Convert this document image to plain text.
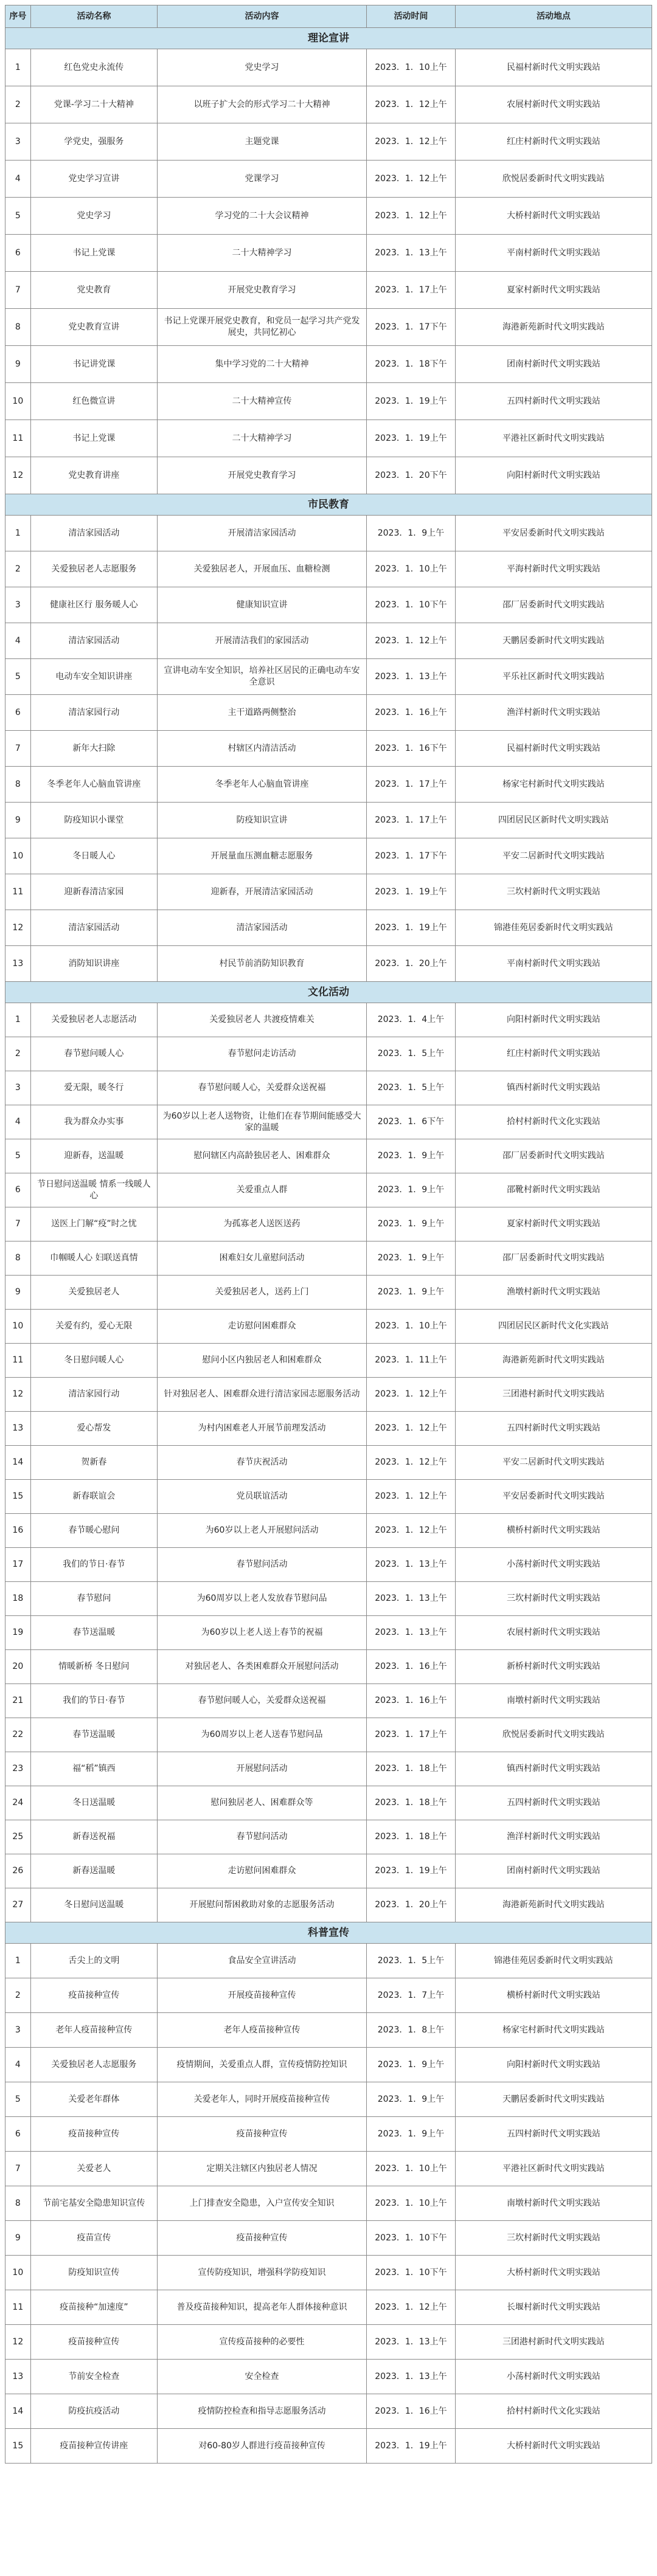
序号	活动名称	活动内容	活动时间	活动地点
理论宣讲				
1	红色党史永流传	党史学习	2023．1．10上午	民福村新时代文明实践站
2	党课-学习二十大精神	以班子扩大会的形式学习二十大精神	2023．1．12上午	农展村新时代文明实践站
3	学党史，强服务	主题党课	2023．1．12上午	红庄村新时代文明实践站
4	党史学习宣讲	党课学习	2023．1．12上午	欣悦居委新时代文明实践站
5	党史学习	学习党的二十大会议精神	2023．1．12上午	大桥村新时代文明实践站
6	书记上党课	二十大精神学习	2023．1．13上午	平南村新时代文明实践站
7	党史教育	开展党史教育学习	2023．1．17上午	夏家村新时代文明实践站
8	党史教育宣讲	书记上党课开展党史教育，和党员一起学习共产党发展史，共同忆初心	2023．1．17下午	海港新苑新时代文明实践站
9	书记讲党课	集中学习党的二十大精神	2023．1．18下午	团南村新时代文明实践站
10	红色微宣讲	二十大精神宣传	2023．1．19上午	五四村新时代文明实践站
11	书记上党课	二十大精神学习	2023．1．19上午	平港社区新时代文明实践站
12	党史教育讲座	开展党史教育学习	2023．1．20下午	向阳村新时代文明实践站
市民教育				
1	清洁家园活动	开展清洁家园活动	2023．1．9上午	平安居委新时代文明实践站
2	关爱独居老人志愿服务	关爱独居老人，开展血压、血糖检测	2023．1．10上午	平海村新时代文明实践站
3	健康社区行 服务暖人心	健康知识宣讲	2023．1．10下午	邵厂居委新时代文明实践站
4	清洁家园活动	开展清洁我们的家园活动	2023．1．12上午	天鹏居委新时代文明实践站
5	电动车安全知识讲座	宣讲电动车安全知识，培养社区居民的正确电动车安全意识	2023．1．13上午	平乐社区新时代文明实践站
6	清洁家园行动	主干道路两侧整治	2023．1．16上午	渔洋村新时代文明实践站
7	新年大扫除	村辖区内清洁活动	2023．1．16下午	民福村新时代文明实践站
8	冬季老年人心脑血管讲座	冬季老年人心脑血管讲座	2023．1．17上午	杨家宅村新时代文明实践站
9	防疫知识小课堂	防疫知识宣讲	2023．1．17上午	四团居民区新时代文明实践站
10	冬日暖人心	开展量血压测血糖志愿服务	2023．1．17下午	平安二居新时代文明实践站
11	迎新春清洁家园	迎新春，开展清洁家园活动	2023．1．19上午	三坎村新时代文明实践站
12	清洁家园活动	清洁家园活动	2023．1．19上午	锦港佳苑居委新时代文明实践站
13	消防知识讲座	村民节前消防知识教育	2023．1．20上午	平南村新时代文明实践站
文化活动				
1	关爱独居老人志愿活动	关爱独居老人 共渡疫情难关	2023．1．4上午	向阳村新时代文明实践站
2	春节慰问暖人心	春节慰问走访活动	2023．1．5上午	红庄村新时代文明实践站
3	爱无限，暖冬行	春节慰问暖人心，关爱群众送祝福	2023．1．5上午	镇西村新时代文明实践站
4	我为群众办实事	为60岁以上老人送物资，让他们在春节期间能感受大家的温暖	2023．1．6下午	拾村村新时代文化实践站
5	迎新春，送温暖	慰问辖区内高龄独居老人、困难群众	2023．1．9上午	邵厂居委新时代文明实践站
6	节日慰问送温暖 情系一线暖人心	关爱重点人群	2023．1．9上午	邵靴村新时代文明实践站
7	送医上门解“疫”时之忧	为孤寡老人送医送药	2023．1．9上午	夏家村新时代文明实践站
8	巾帼暖人心 妇联送真情	困难妇女儿童慰问活动	2023．1．9上午	邵厂居委新时代文明实践站
9	关爱独居老人	关爱独居老人，送药上门	2023．1．9上午	渔墩村新时代文明实践站
10	关爱有约，爱心无限	走访慰问困难群众	2023．1．10上午	四团居民区新时代文化实践站
11	冬日慰问暖人心	慰问小区内独居老人和困难群众	2023．1．11上午	海港新苑新时代文明实践站
12	清洁家园行动	针对独居老人、困难群众进行清洁家园志愿服务活动	2023．1．12上午	三团港村新时代文明实践站
13	爱心帮发	为村内困难老人开展节前理发活动	2023．1．12上午	五四村新时代文明实践站
14	贺新春	春节庆祝活动	2023．1．12上午	平安二居新时代文明实践站
15	新春联谊会	党员联谊活动	2023．1．12上午	平安居委新时代文明实践站
16	春节暖心慰问	为60岁以上老人开展慰问活动	2023．1．12上午	横桥村新时代文明实践站
17	我们的节日·春节	春节慰问活动	2023．1．13上午	小荡村新时代文明实践站
18	春节慰问	为60周岁以上老人发放春节慰问品	2023．1．13上午	三坎村新时代文明实践站
19	春节送温暖	为60岁以上老人送上春节的祝福	2023．1．13上午	农展村新时代文明实践站
20	情暖新桥 冬日慰问	对独居老人、各类困难群众开展慰问活动	2023．1．16上午	新桥村新时代文明实践站
21	我们的节日·春节	春节慰问暖人心，关爱群众送祝福	2023．1．16上午	南墩村新时代文明实践站
22	春节送温暖	为60周岁以上老人送春节慰问品	2023．1．17上午	欣悦居委新时代文明实践站
23	福“稻”镇西	开展慰问活动	2023．1．18上午	镇西村新时代文明实践站
24	冬日送温暖	慰问独居老人、困难群众等	2023．1．18上午	五四村新时代文明实践站
25	新春送祝福	春节慰问活动	2023．1．18上午	渔洋村新时代文明实践站
26	新春送温暖	走访慰问困难群众	2023．1．19上午	团南村新时代文明实践站
27	冬日慰问送温暖	开展慰问帮困救助对象的志愿服务活动	2023．1．20上午	海港新苑新时代文明实践站
科普宣传				
1	舌尖上的文明	食品安全宣讲活动	2023．1．5上午	锦港佳苑居委新时代文明实践站
2	疫苗接种宣传	开展疫苗接种宣传	2023．1．7上午	横桥村新时代文明实践站
3	老年人疫苗接种宣传	老年人疫苗接种宣传	2023．1．8上午	杨家宅村新时代文明实践站
4	关爱独居老人志愿服务	疫情期间，关爱重点人群，宣传疫情防控知识	2023．1．9上午	向阳村新时代文明实践站
5	关爱老年群体	关爱老年人，同时开展疫苗接种宣传	2023．1．9上午	天鹏居委新时代文明实践站
6	疫苗接种宣传	疫苗接种宣传	2023．1．9上午	五四村新时代文明实践站
7	关爱老人	定期关注辖区内独居老人情况	2023．1．10上午	平港社区新时代文明实践站
8	节前宅基安全隐患知识宣传	上门排查安全隐患，入户宣传安全知识	2023．1．10上午	南墩村新时代文明实践站
9	疫苗宣传	疫苗接种宣传	2023．1．10下午	三坎村新时代文明实践站
10	防疫知识宣传	宣传防疫知识，增强科学防疫知识	2023．1．10下午	大桥村新时代文明实践站
11	疫苗接种“加速度”	普及疫苗接种知识，提高老年人群体接种意识	2023．1．12上午	长堰村新时代文明实践站
12	疫苗接种宣传	宣传疫苗接种的必要性	2023．1．13上午	三团港村新时代文明实践站
13	节前安全检查	安全检查	2023．1．13上午	小荡村新时代文明实践站
14	防疫抗疫活动	疫情防控检查和指导志愿服务活动	2023．1．16上午	拾村村新时代文化实践站
15	疫苗接种宣传讲座	对60-80岁人群进行疫苗接种宣传	2023．1．19上午	大桥村新时代文明实践站
